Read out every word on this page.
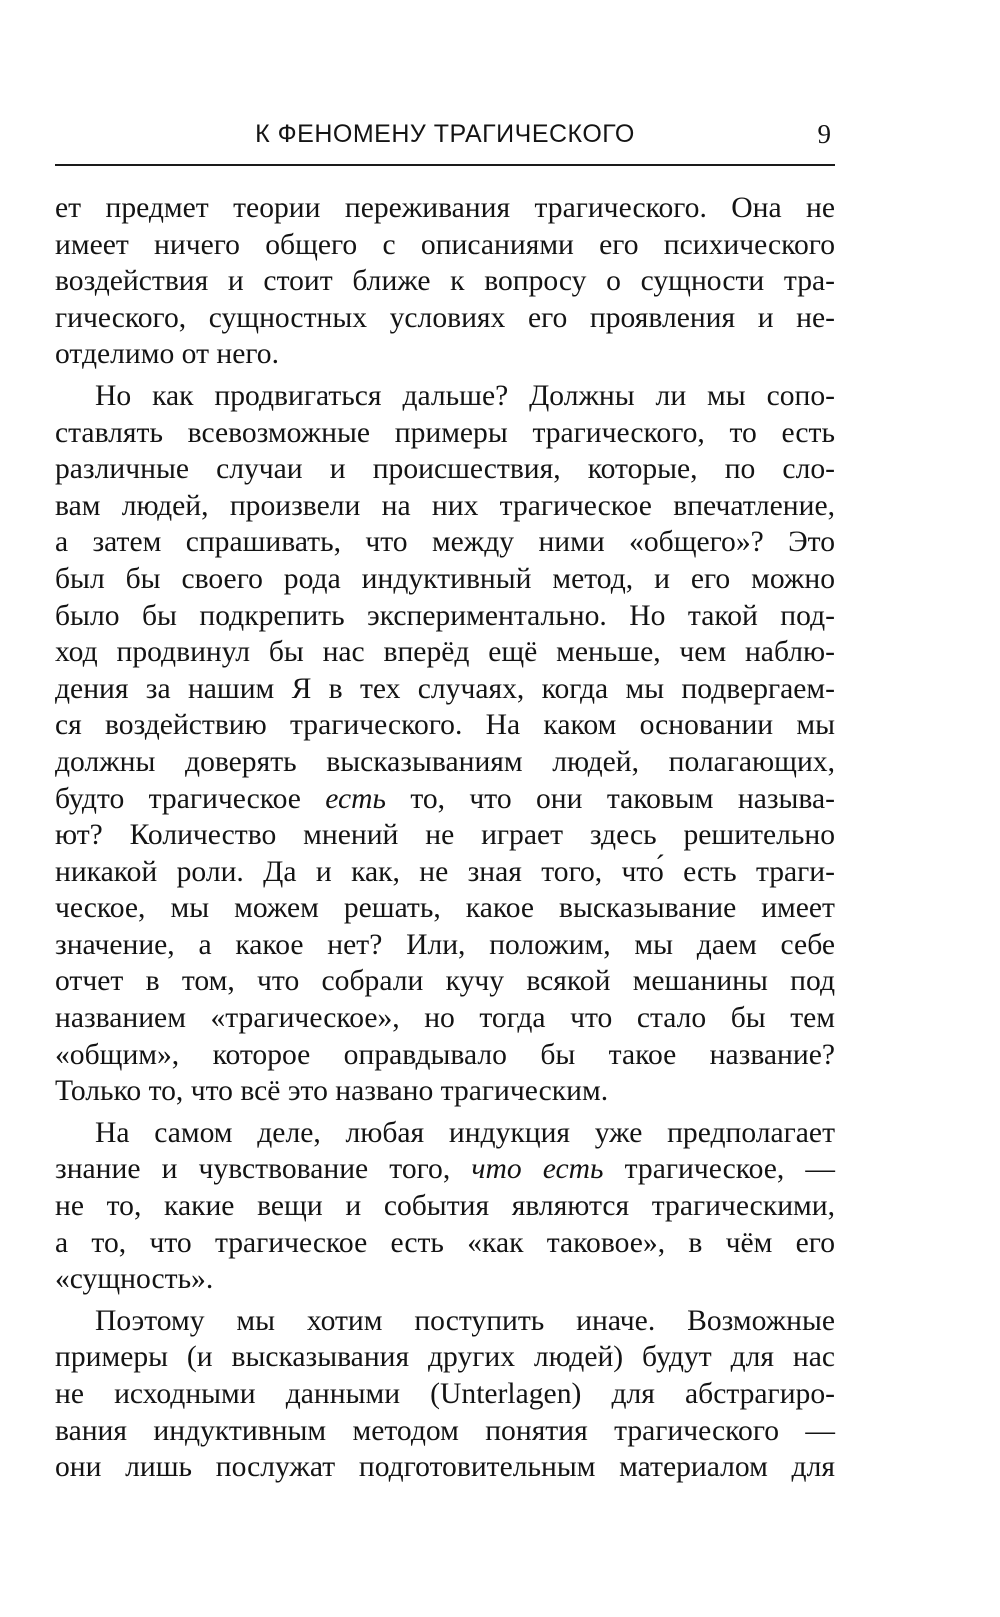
К ФЕНОМЕНУ ТРАГИЧЕСКОГО	9
ет предмет теории переживания трагического. Она не
имеет ничего общего с описаниями его психического
воздействия и стоит ближе к вопросу о сущности тра-
гического, сущностных условиях его проявления и не-
отделимо от него.
Но как продвигаться дальше? Должны ли мы сопо-
ставлять всевозможные примеры трагического, то есть
различные случаи и происшествия, которые, по сло-
вам людей, произвели на них трагическое впечатление,
а затем спрашивать, что между ними «общего»? Это
был бы своего рода индуктивный метод, и его можно
было бы подкрепить экспериментально. Но такой под-
ход продвинул бы нас вперёд ещё меньше, чем наблю-
дения за нашим Я в тех случаях, когда мы подвергаем-
ся воздействию трагического. На каком основании мы
должны доверять высказываниям людей, полагающих,
будто трагическое есть то, что они таковым называ-
ют? Количество мнений не играет здесь решительно
никакой роли. Да и как, не зная того, что́ есть траги-
ческое, мы можем решать, какое высказывание имеет
значение, а какое нет? Или, положим, мы даем себе
отчет в том, что собрали кучу всякой мешанины под
названием «трагическое», но тогда что стало бы тем
«общим», которое оправдывало бы такое название?
Только то, что всё это названо трагическим.
На самом деле, любая индукция уже предполагает
знание и чувствование того, что есть трагическое, —
не то, какие вещи и события являются трагическими,
а то, что трагическое есть «как таковое», в чём его
«сущность».
Поэтому мы хотим поступить иначе. Возможные
примеры (и высказывания других людей) будут для нас
не исходными данными (Unterlagen) для абстрагиро-
вания индуктивным методом понятия трагического —
они лишь послужат подготовительным материалом для
